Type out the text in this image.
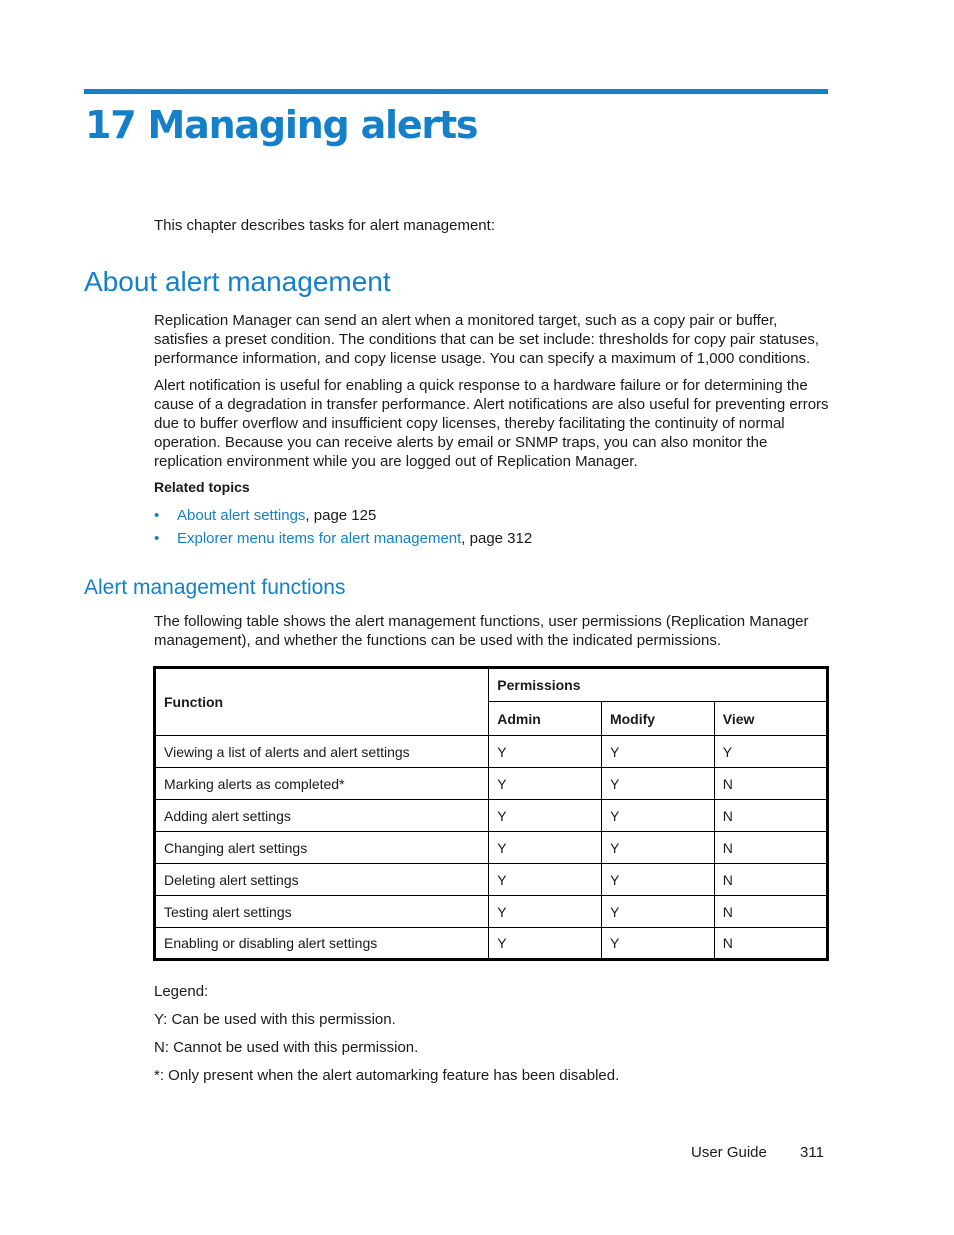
17 Managing alerts

This chapter describes tasks for alert management:

About alert management

Replication Manager can send an alert when a monitored target, such as a copy pair or buffer, satisfies a preset condition. The conditions that can be set include: thresholds for copy pair statuses, performance information, and copy license usage. You can specify a maximum of 1,000 conditions.

Alert notification is useful for enabling a quick response to a hardware failure or for determining the cause of a degradation in transfer performance. Alert notifications are also useful for preventing errors due to buffer overflow and insufficient copy licenses, thereby facilitating the continuity of normal operation. Because you can receive alerts by email or SNMP traps, you can also monitor the replication environment while you are logged out of Replication Manager.

Related topics

• About alert settings, page 125
• Explorer menu items for alert management, page 312
Alert management functions

The following table shows the alert management functions, user permissions (Replication Manager management), and whether the functions can be used with the indicated permissions.

Function	Permissions		
	Admin	Modify	View
Viewing a list of alerts and alert settings	Y	Y	Y
Marking alerts as completed*	Y	Y	N
Adding alert settings	Y	Y	N
Changing alert settings	Y	Y	N
Deleting alert settings	Y	Y	N
Testing alert settings	Y	Y	N
Enabling or disabling alert settings	Y	Y	N

Legend:

Y: Can be used with this permission.

N: Cannot be used with this permission.

*: Only present when the alert automarking feature has been disabled.

User Guide 311
